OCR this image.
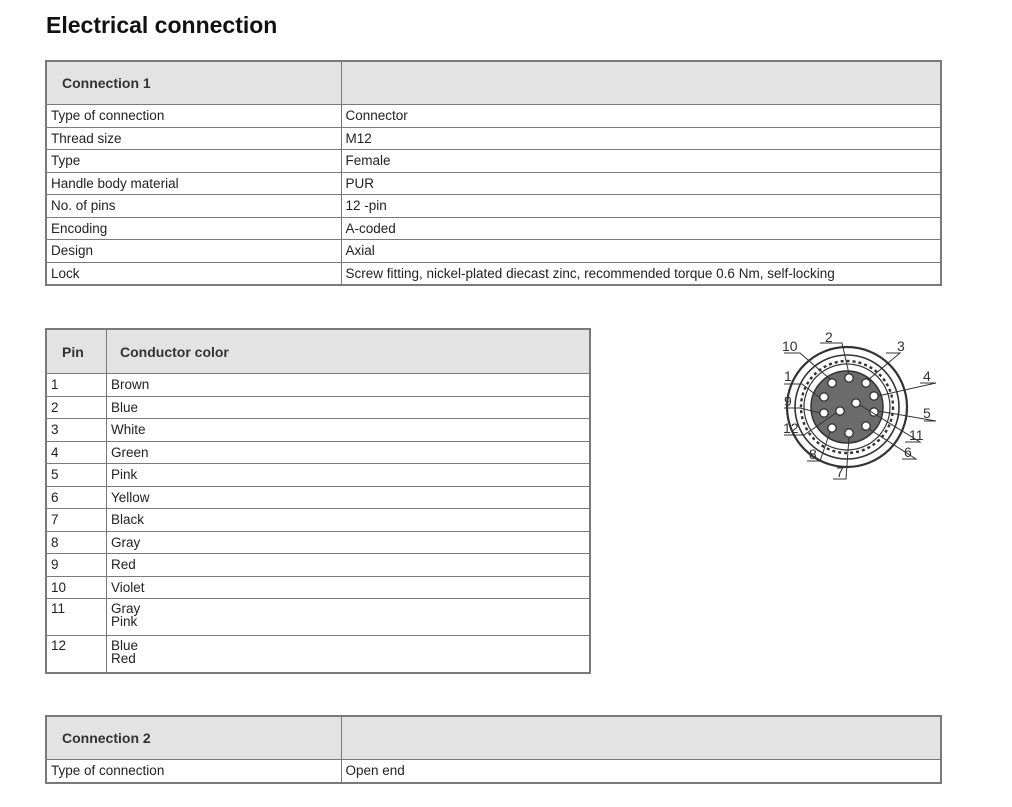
Electrical connection
Connection 1	
Type of connection	Connector
Thread size	M12
Type	Female
Handle body material	PUR
No. of pins	12 -pin
Encoding	A-coded
Design	Axial
Lock	Screw fitting, nickel-plated diecast zinc, recommended torque 0.6 Nm, self-locking
Pin	Conductor color
1	Brown
2	Blue
3	White
4	Green
5	Pink
6	Yellow
7	Black
8	Gray
9	Red
10	Violet
11	Gray
Pink

12	Blue
Red
1
2
3
4
5
6
7
8
9
10
11
12
Connection 2	
Type of connection	Open end
